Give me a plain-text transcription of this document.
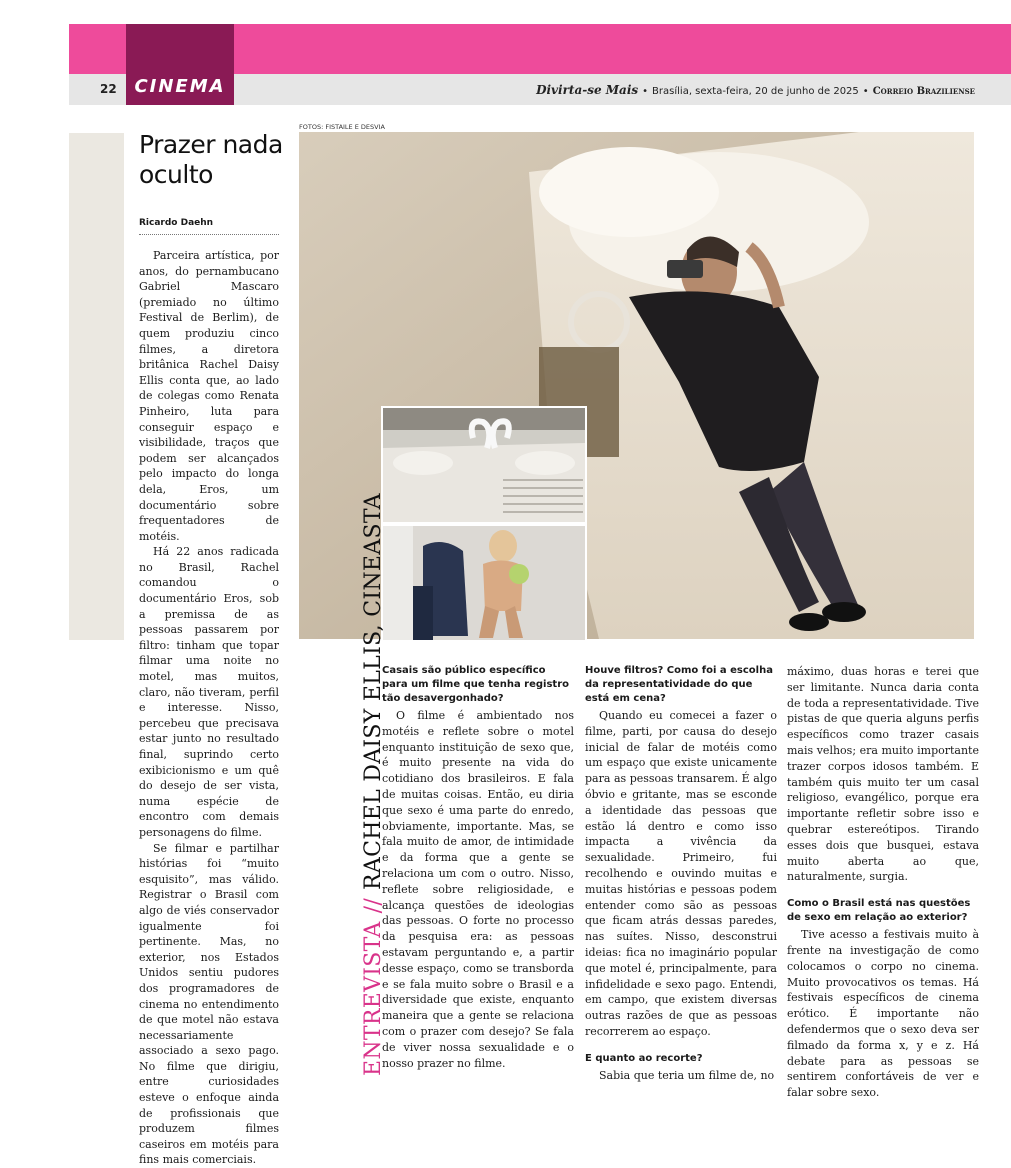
CINEMA
22	Divirta-se Mais • Brasília, sexta-feira, 20 de junho de 2025 • Correio Braziliense
Prazer nada oculto
Ricardo Daehn

Parceira artística, por anos, do pernambucano Gabriel Mascaro (premiado no último Festival de Berlim), de quem produziu cinco filmes, a diretora britânica Rachel Daisy Ellis conta que, ao lado de colegas como Renata Pinheiro, luta para conseguir espaço e visibilidade, traços que podem ser alcançados pelo impacto do longa dela, Eros, um documentário sobre frequentadores de motéis.

Há 22 anos radicada no Brasil, Rachel comandou o documentário Eros, sob a premissa de as pessoas passarem por filtro: tinham que topar filmar uma noite no motel, mas muitos, claro, não tiveram, perfil e interesse. Nisso, percebeu que precisava estar junto no resultado final, suprindo certo exibicionismo e um quê do desejo de ser vista, numa espécie de encontro com demais personagens do filme.

Se filmar e partilhar histórias foi “muito esquisito”, mas válido. Registrar o Brasil com algo de viés conservador igualmente foi pertinente. Mas, no exterior, nos Estados Unidos sentiu pudores dos programadores de cinema no entendimento de que motel não estava necessariamente associado a sexo pago. No filme que dirigiu, entre curiosidades esteve o enfoque ainda de profissionais que produzem filmes caseiros em motéis para fins mais comerciais.

FOTOS: FISTAILE E DESVIA
ENTREVISTA//RACHEL DAISY ELLIS, CINEASTA
Casais são público específico para um filme que tenha registro tão desavergonhado?

O filme é ambientado nos motéis e reflete sobre o motel enquanto instituição de sexo que, é muito presente na vida do cotidiano dos brasileiros. E fala de muitas coisas. Então, eu diria que sexo é uma parte do enredo, obviamente, importante. Mas, se fala muito de amor, de intimidade e da forma que a gente se relaciona um com o outro. Nisso, reflete sobre religiosidade, e alcança questões de ideologias das pessoas. O forte no processo da pesquisa era: as pessoas estavam perguntando e, a partir desse espaço, como se transborda e se fala muito sobre o Brasil e a diversidade que existe, enquanto maneira que a gente se relaciona com o prazer com desejo? Se fala de viver nossa sexualidade e o nosso prazer no filme.

Houve filtros? Como foi a escolha da representatividade do que está em cena?

Quando eu comecei a fazer o filme, parti, por causa do desejo inicial de falar de motéis como um espaço que existe unicamente para as pessoas transarem. É algo óbvio e gritante, mas se esconde a identidade das pessoas que estão lá dentro e como isso impacta a vivência da sexualidade. Primeiro, fui recolhendo e ouvindo muitas e muitas histórias e pessoas podem entender como são as pessoas que ficam atrás dessas paredes, nas suítes. Nisso, desconstrui ideias: fica no imaginário popular que motel é, principalmente, para infidelidade e sexo pago. Entendi, em campo, que existem diversas outras razões de que as pessoas recorrerem ao espaço.

E quanto ao recorte?

Sabia que teria um filme de, no

máximo, duas horas e terei que ser limitante. Nunca daria conta de toda a representatividade. Tive pistas de que queria alguns perfis específicos como trazer casais mais velhos; era muito importante trazer corpos idosos também. E também quis muito ter um casal religioso, evangélico, porque era importante refletir sobre isso e quebrar estereótipos. Tirando esses dois que busquei, estava muito aberta ao que, naturalmente, surgia.

Como o Brasil está nas questões de sexo em relação ao exterior?

Tive acesso a festivais muito à frente na investigação de como colocamos o corpo no cinema. Muito provocativos os temas. Há festivais específicos de cinema erótico. É importante não defendermos que o sexo deva ser filmado da forma x, y e z. Há debate para as pessoas se sentirem confortáveis de ver e falar sobre sexo.
